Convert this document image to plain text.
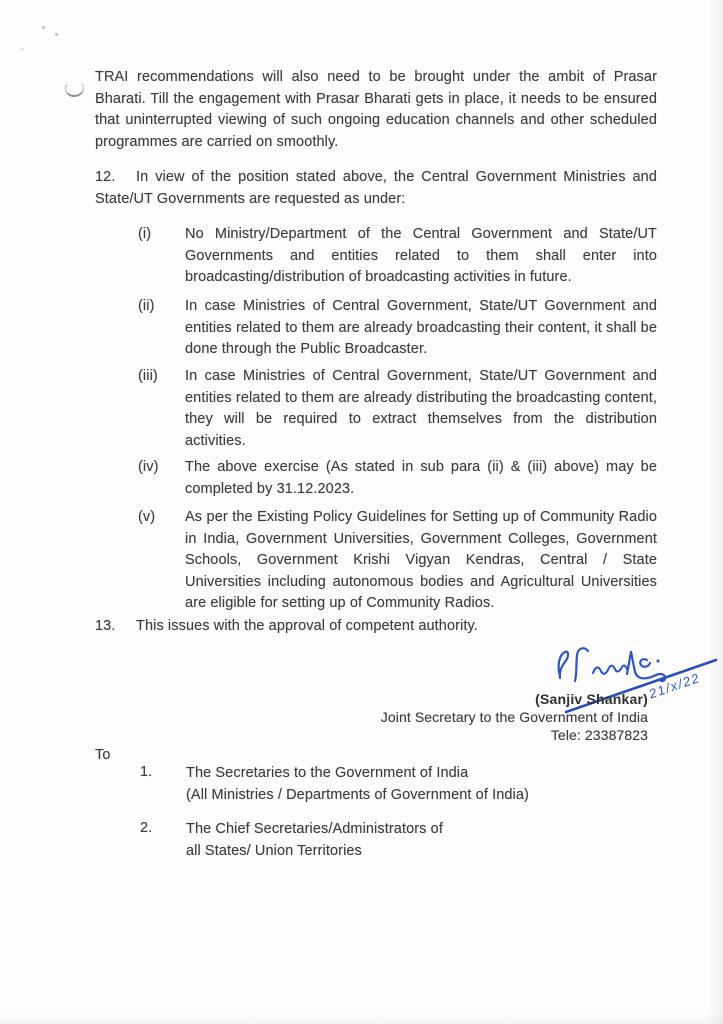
TRAI recommendations will also need to be brought under the ambit of Prasar Bharati. Till the engagement with Prasar Bharati gets in place, it needs to be ensured that uninterrupted viewing of such ongoing education channels and other scheduled programmes are carried on smoothly.

12. In view of the position stated above, the Central Government Ministries and State/UT Governments are requested as under:

(i) No Ministry/Department of the Central Government and State/UT Governments and entities related to them shall enter into broadcasting/distribution of broadcasting activities in future.

(ii) In case Ministries of Central Government, State/UT Government and entities related to them are already broadcasting their content, it shall be done through the Public Broadcaster.

(iii) In case Ministries of Central Government, State/UT Government and entities related to them are already distributing the broadcasting content, they will be required to extract themselves from the distribution activities.

(iv) The above exercise (As stated in sub para (ii) & (iii) above) may be completed by 31.12.2023.

(v) As per the Existing Policy Guidelines for Setting up of Community Radio in India, Government Universities, Government Colleges, Government Schools, Government Krishi Vigyan Kendras, Central / State Universities including autonomous bodies and Agricultural Universities are eligible for setting up of Community Radios.

13. This issues with the approval of competent authority.

21/x/22
(Sanjiv Shankar)
Joint Secretary to the Government of India
Tele: 23387823
To
1. The Secretaries to the Government of India
(All Ministries / Departments of Government of India)
2. The Chief Secretaries/Administrators of
all States/ Union Territories
